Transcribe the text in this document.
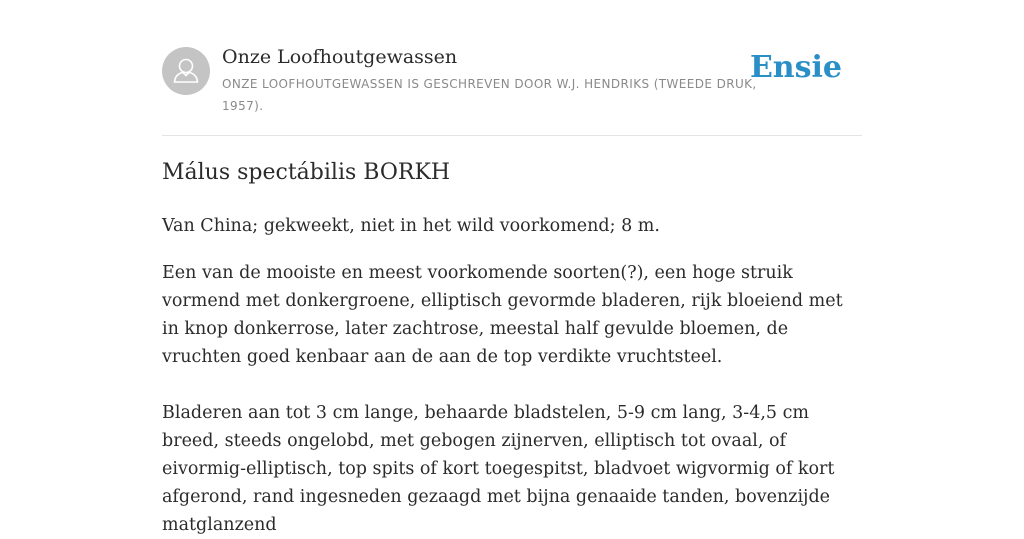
Onze Loofhoutgewassen
ONZE LOOFHOUTGEWASSEN IS GESCHREVEN DOOR W.J. HENDRIKS (TWEEDE DRUK, 1957).
Ensie
Málus spectábilis BORKH
Van China; gekweekt, niet in het wild voorkomend; 8 m.
Een van de mooiste en meest voorkomende soorten(?), een hoge struik vormend met donkergroene, elliptisch gevormde bladeren, rijk bloeiend met in knop donkerrose, later zachtrose, meestal half gevulde bloemen, de vruchten goed kenbaar aan de aan de top verdikte vruchtsteel.
Bladeren aan tot 3 cm lange, behaarde bladstelen, 5-9 cm lang, 3-4,5 cm breed, steeds ongelobd, met gebogen zijnerven, elliptisch tot ovaal, of eivormig-elliptisch, top spits of kort toegespitst, bladvoet wigvormig of kort afgerond, rand ingesneden gezaagd met bijna genaaide tanden, bovenzijde matglanzend
